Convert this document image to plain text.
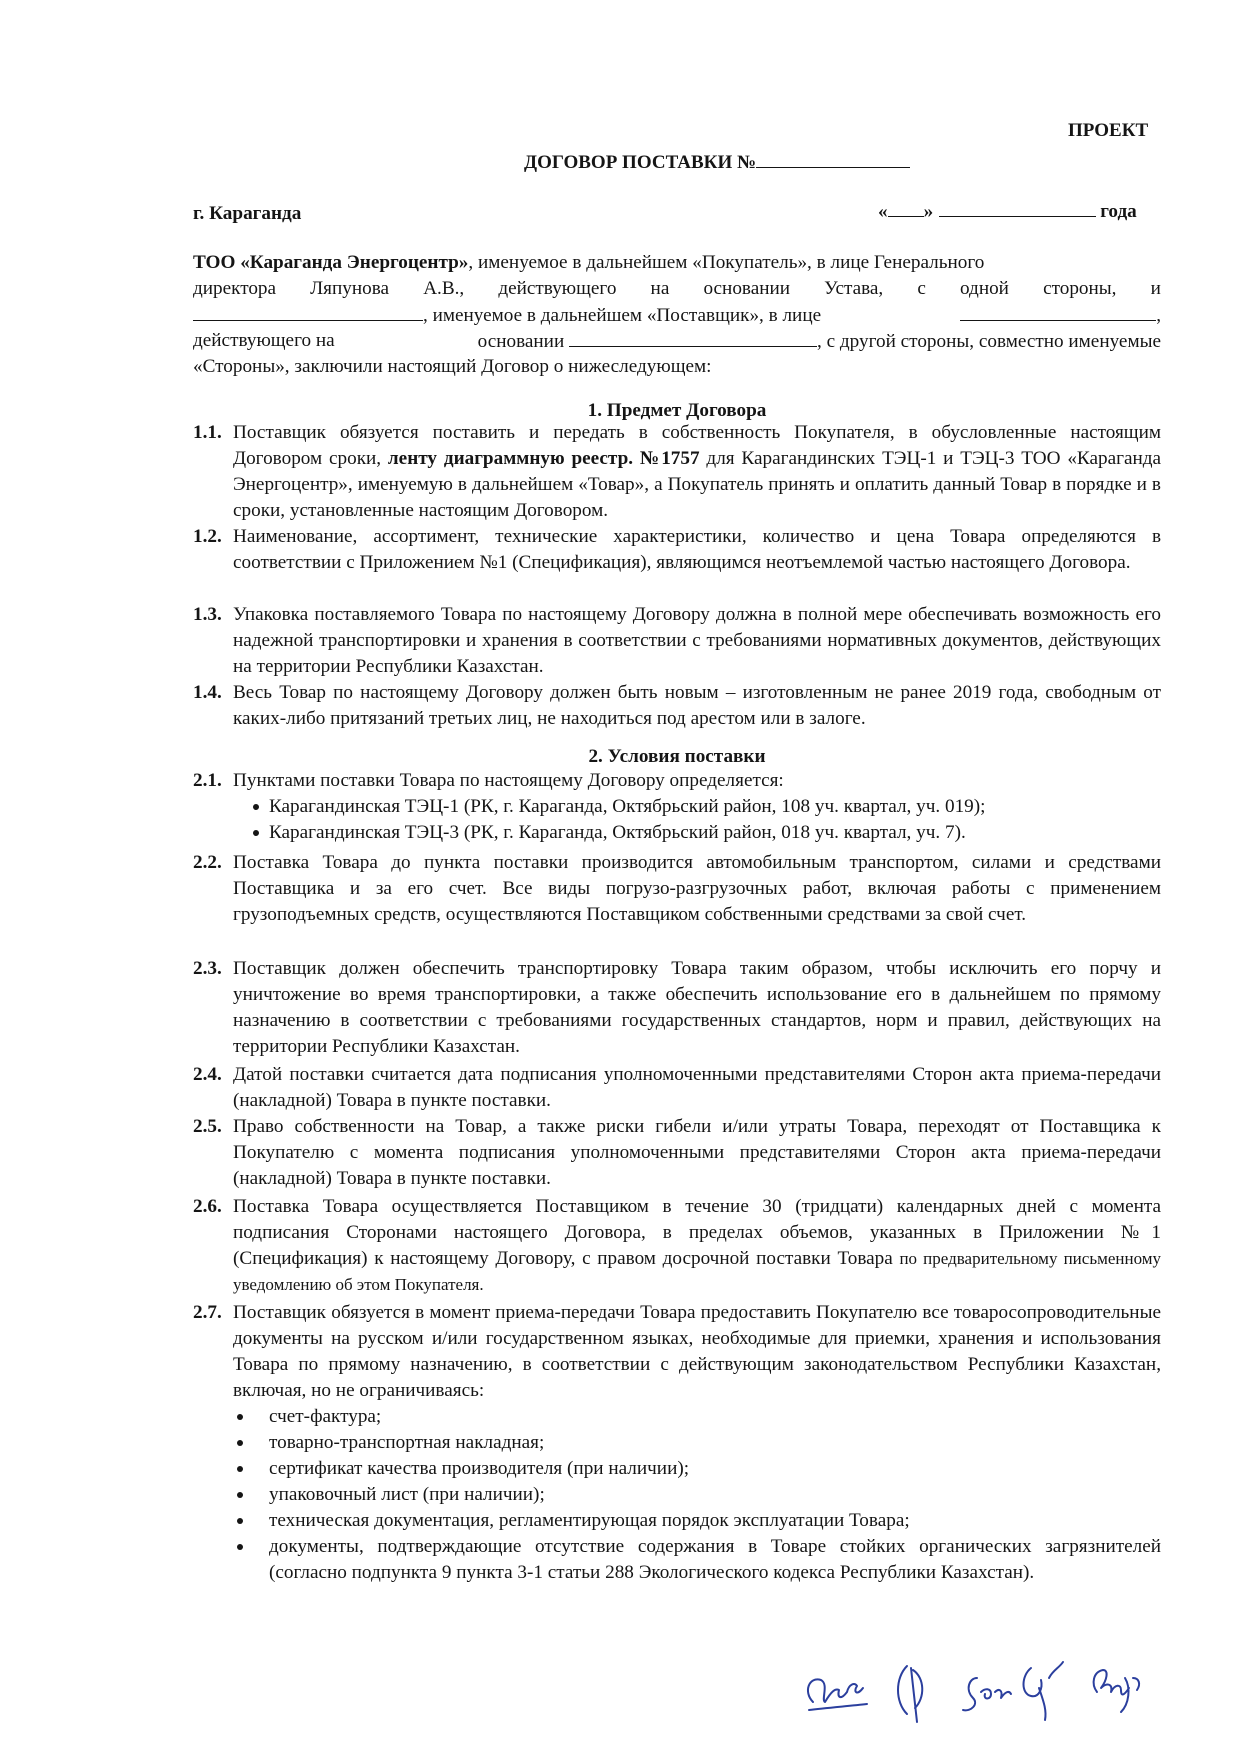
ПРОЕКТ
ДОГОВОР ПОСТАВКИ №
г. Караганда	« »	года
ТОО «Караганда Энергоцентр», именуемое в дальнейшем «Покупатель», в лице Генерального
директора Ляпунова А.В., действующего на основании Устава, с одной стороны, и
, именуемое в дальнейшем «Поставщик», в лице	,
действующего на	основании	, с другой стороны, совместно именуемые
«Стороны», заключили настоящий Договор о нижеследующем:
1. Предмет Договора
1.1. Поставщик обязуется поставить и передать в собственность Покупателя, в обусловленные настоящим Договором сроки, ленту диаграммную реестр. №1757 для Карагандинских ТЭЦ-1 и ТЭЦ-3 ТОО «Караганда Энергоцентр», именуемую в дальнейшем «Товар», а Покупатель принять и оплатить данный Товар в порядке и в сроки, установленные настоящим Договором.
1.2. Наименование, ассортимент, технические характеристики, количество и цена Товара определяются в соответствии с Приложением №1 (Спецификация), являющимся неотъемлемой частью настоящего Договора.
1.3. Упаковка поставляемого Товара по настоящему Договору должна в полной мере обеспечивать возможность его надежной транспортировки и хранения в соответствии с требованиями нормативных документов, действующих на территории Республики Казахстан.
1.4. Весь Товар по настоящему Договору должен быть новым – изготовленным не ранее 2019 года, свободным от каких-либо притязаний третьих лиц, не находиться под арестом или в залоге.
2. Условия поставки
2.1. Пунктами поставки Товара по настоящему Договору определяется:
Карагандинская ТЭЦ-1 (РК, г. Караганда, Октябрьский район, 108 уч. квартал, уч. 019);
Карагандинская ТЭЦ-3 (РК, г. Караганда, Октябрьский район, 018 уч. квартал, уч. 7).
2.2. Поставка Товара до пункта поставки производится автомобильным транспортом, силами и средствами Поставщика и за его счет. Все виды погрузо-разгрузочных работ, включая работы с применением грузоподъемных средств, осуществляются Поставщиком собственными средствами за свой счет.
2.3. Поставщик должен обеспечить транспортировку Товара таким образом, чтобы исключить его порчу и уничтожение во время транспортировки, а также обеспечить использование его в дальнейшем по прямому назначению в соответствии с требованиями государственных стандартов, норм и правил, действующих на территории Республики Казахстан.
2.4. Датой поставки считается дата подписания уполномоченными представителями Сторон акта приема-передачи (накладной) Товара в пункте поставки.
2.5. Право собственности на Товар, а также риски гибели и/или утраты Товара, переходят от Поставщика к Покупателю с момента подписания уполномоченными представителями Сторон акта приема-передачи (накладной) Товара в пункте поставки.
2.6. Поставка Товара осуществляется Поставщиком в течение 30 (тридцати) календарных дней с момента подписания Сторонами настоящего Договора, в пределах объемов, указанных в Приложении №1 (Спецификация) к настоящему Договору, с правом досрочной поставки Товара по предварительному письменному уведомлению об этом Покупателя.
2.7. Поставщик обязуется в момент приема-передачи Товара предоставить Покупателю все товаросопроводительные документы на русском и/или государственном языках, необходимые для приемки, хранения и использования Товара по прямому назначению, в соответствии с действующим законодательством Республики Казахстан, включая, но не ограничиваясь:
счет-фактура;
товарно-транспортная накладная;
сертификат качества производителя (при наличии);
упаковочный лист (при наличии);
техническая документация, регламентирующая порядок эксплуатации Товара;
документы, подтверждающие отсутствие содержания в Товаре стойких органических загрязнителей (согласно подпункта 9 пункта 3-1 статьи 288 Экологического кодекса Республики Казахстан).
